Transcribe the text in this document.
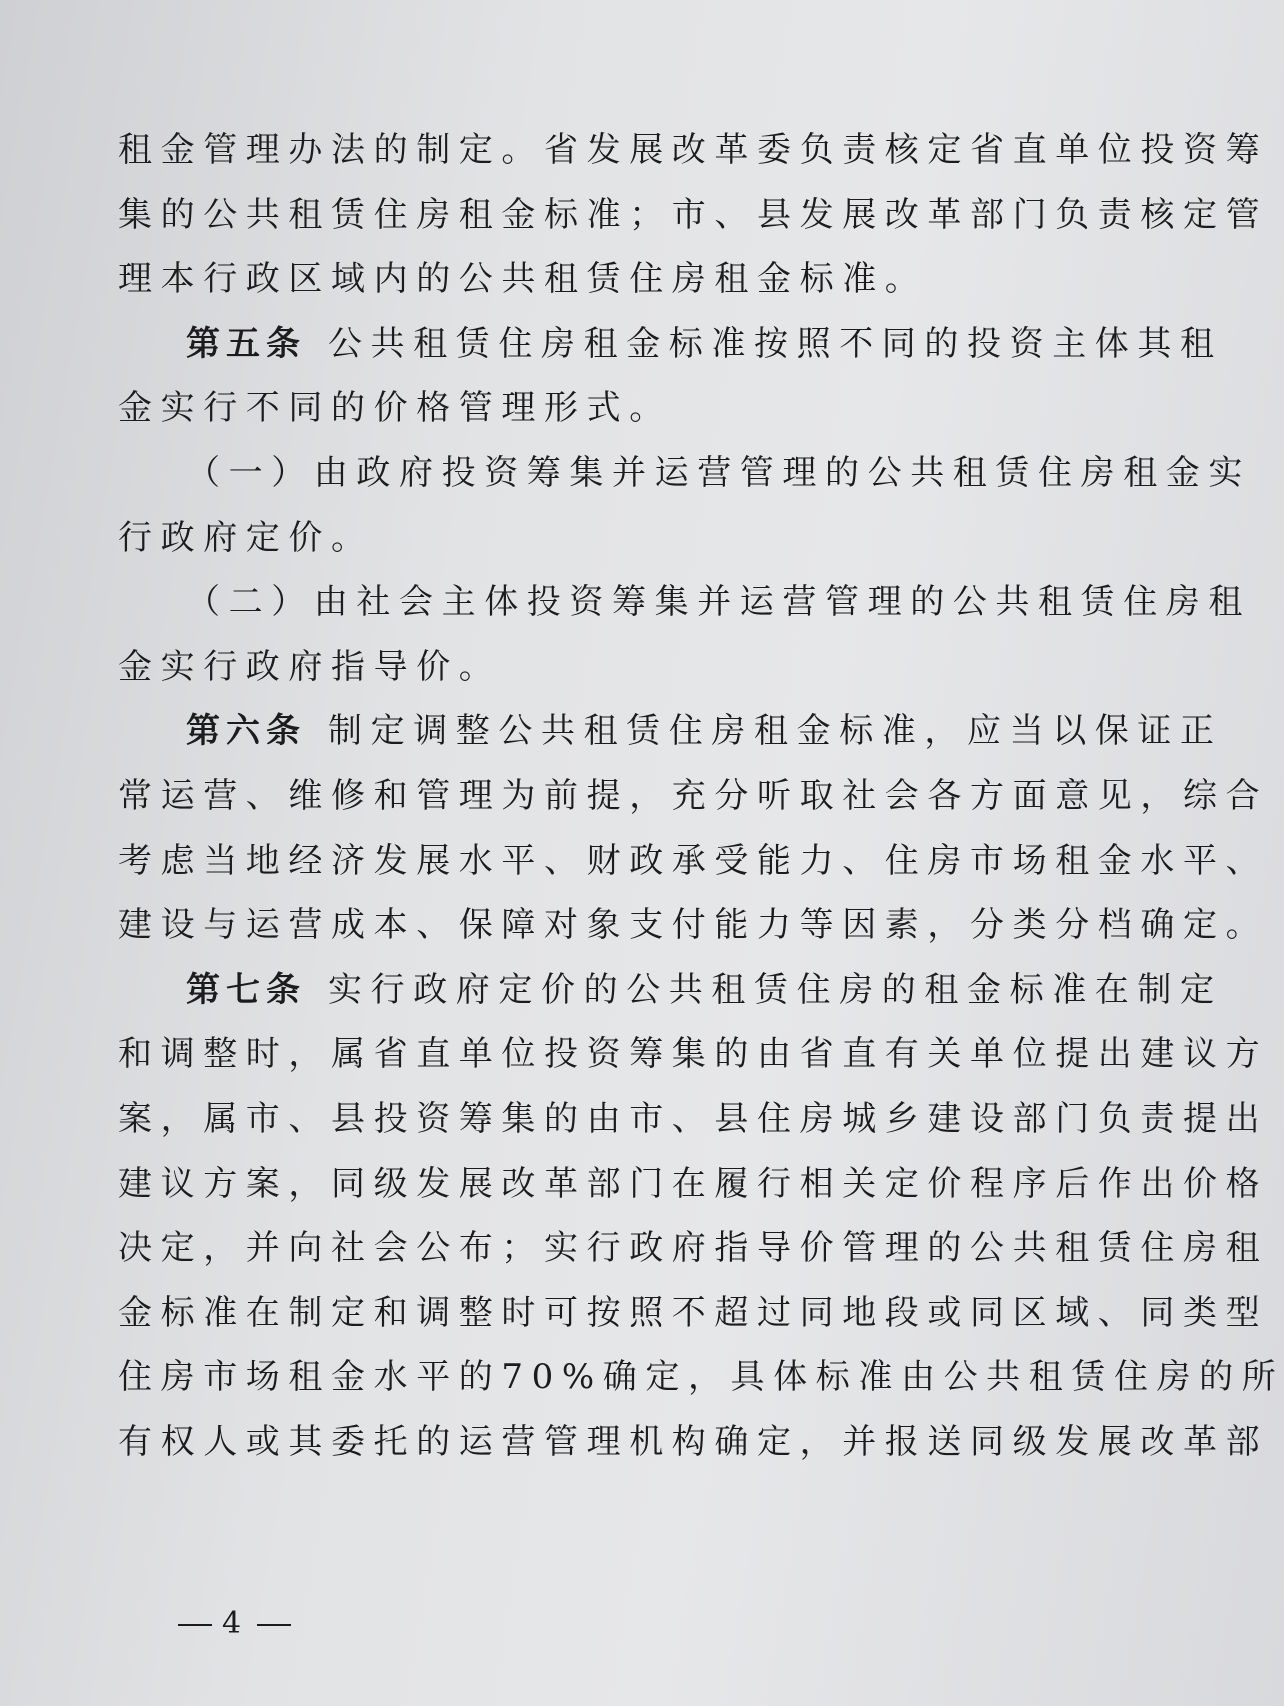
租金管理办法的制定。省发展改革委负责核定省直单位投资筹
集的公共租赁住房租金标准；市、县发展改革部门负责核定管
理本行政区域内的公共租赁住房租金标准。
第五条 公共租赁住房租金标准按照不同的投资主体其租
金实行不同的价格管理形式。
（一）由政府投资筹集并运营管理的公共租赁住房租金实
行政府定价。
（二）由社会主体投资筹集并运营管理的公共租赁住房租
金实行政府指导价。
第六条 制定调整公共租赁住房租金标准，应当以保证正
常运营、维修和管理为前提，充分听取社会各方面意见，综合
考虑当地经济发展水平、财政承受能力、住房市场租金水平、
建设与运营成本、保障对象支付能力等因素，分类分档确定。
第七条 实行政府定价的公共租赁住房的租金标准在制定
和调整时，属省直单位投资筹集的由省直有关单位提出建议方
案，属市、县投资筹集的由市、县住房城乡建设部门负责提出
建议方案，同级发展改革部门在履行相关定价程序后作出价格
决定，并向社会公布；实行政府指导价管理的公共租赁住房租
金标准在制定和调整时可按照不超过同地段或同区域、同类型
住房市场租金水平的70%确定，具体标准由公共租赁住房的所
有权人或其委托的运营管理机构确定，并报送同级发展改革部
4
